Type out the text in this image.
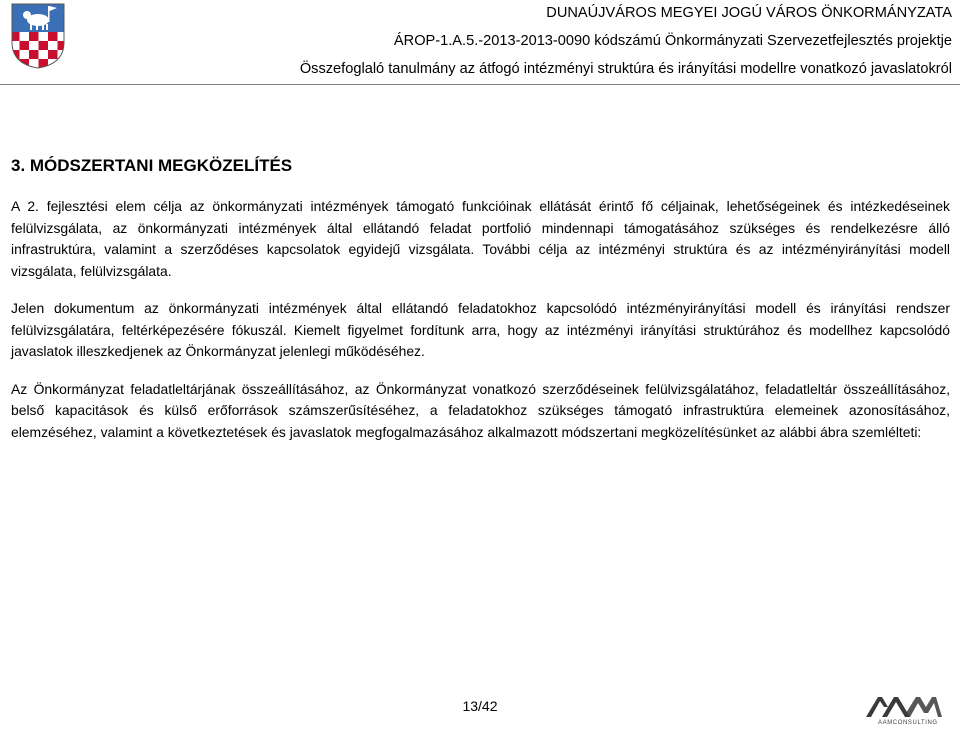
DUNAÚJVÁROS MEGYEI JOGÚ VÁROS ÖNKORMÁNYZATA
ÁROP-1.A.5.-2013-2013-0090 kódszámú Önkormányzati Szervezetfejlesztés projektje
Összefoglaló tanulmány az átfogó intézményi struktúra és irányítási modellre vonatkozó javaslatokról
3. MÓDSZERTANI MEGKÖZELÍTÉS

A 2. fejlesztési elem célja az önkormányzati intézmények támogató funkcióinak ellátását érintő fő céljainak, lehetőségeinek és intézkedéseinek felülvizsgálata, az önkormányzati intézmények által ellátandó feladat portfolió mindennapi támogatásához szükséges és rendelkezésre álló infrastruktúra, valamint a szerződéses kapcsolatok egyidejű vizsgálata. További célja az intézményi struktúra és az intézményirányítási modell vizsgálata, felülvizsgálata.

Jelen dokumentum az önkormányzati intézmények által ellátandó feladatokhoz kapcsolódó intézményirányítási modell és irányítási rendszer felülvizsgálatára, feltérképezésére fókuszál. Kiemelt figyelmet fordítunk arra, hogy az intézményi irányítási struktúrához és modellhez kapcsolódó javaslatok illeszkedjenek az Önkormányzat jelenlegi működéséhez.

Az Önkormányzat feladatleltárjának összeállításához, az Önkormányzat vonatkozó szerződéseinek felülvizsgálatához, feladatleltár összeállításához, belső kapacitások és külső erőforrások számszerűsítéséhez, a feladatokhoz szükséges támogató infrastruktúra elemeinek azonosításához, elemzéséhez, valamint a következtetések és javaslatok megfogalmazásához alkalmazott módszertani megközelítésünket az alábbi ábra szemlélteti:

13/42
AAMCONSULTING
